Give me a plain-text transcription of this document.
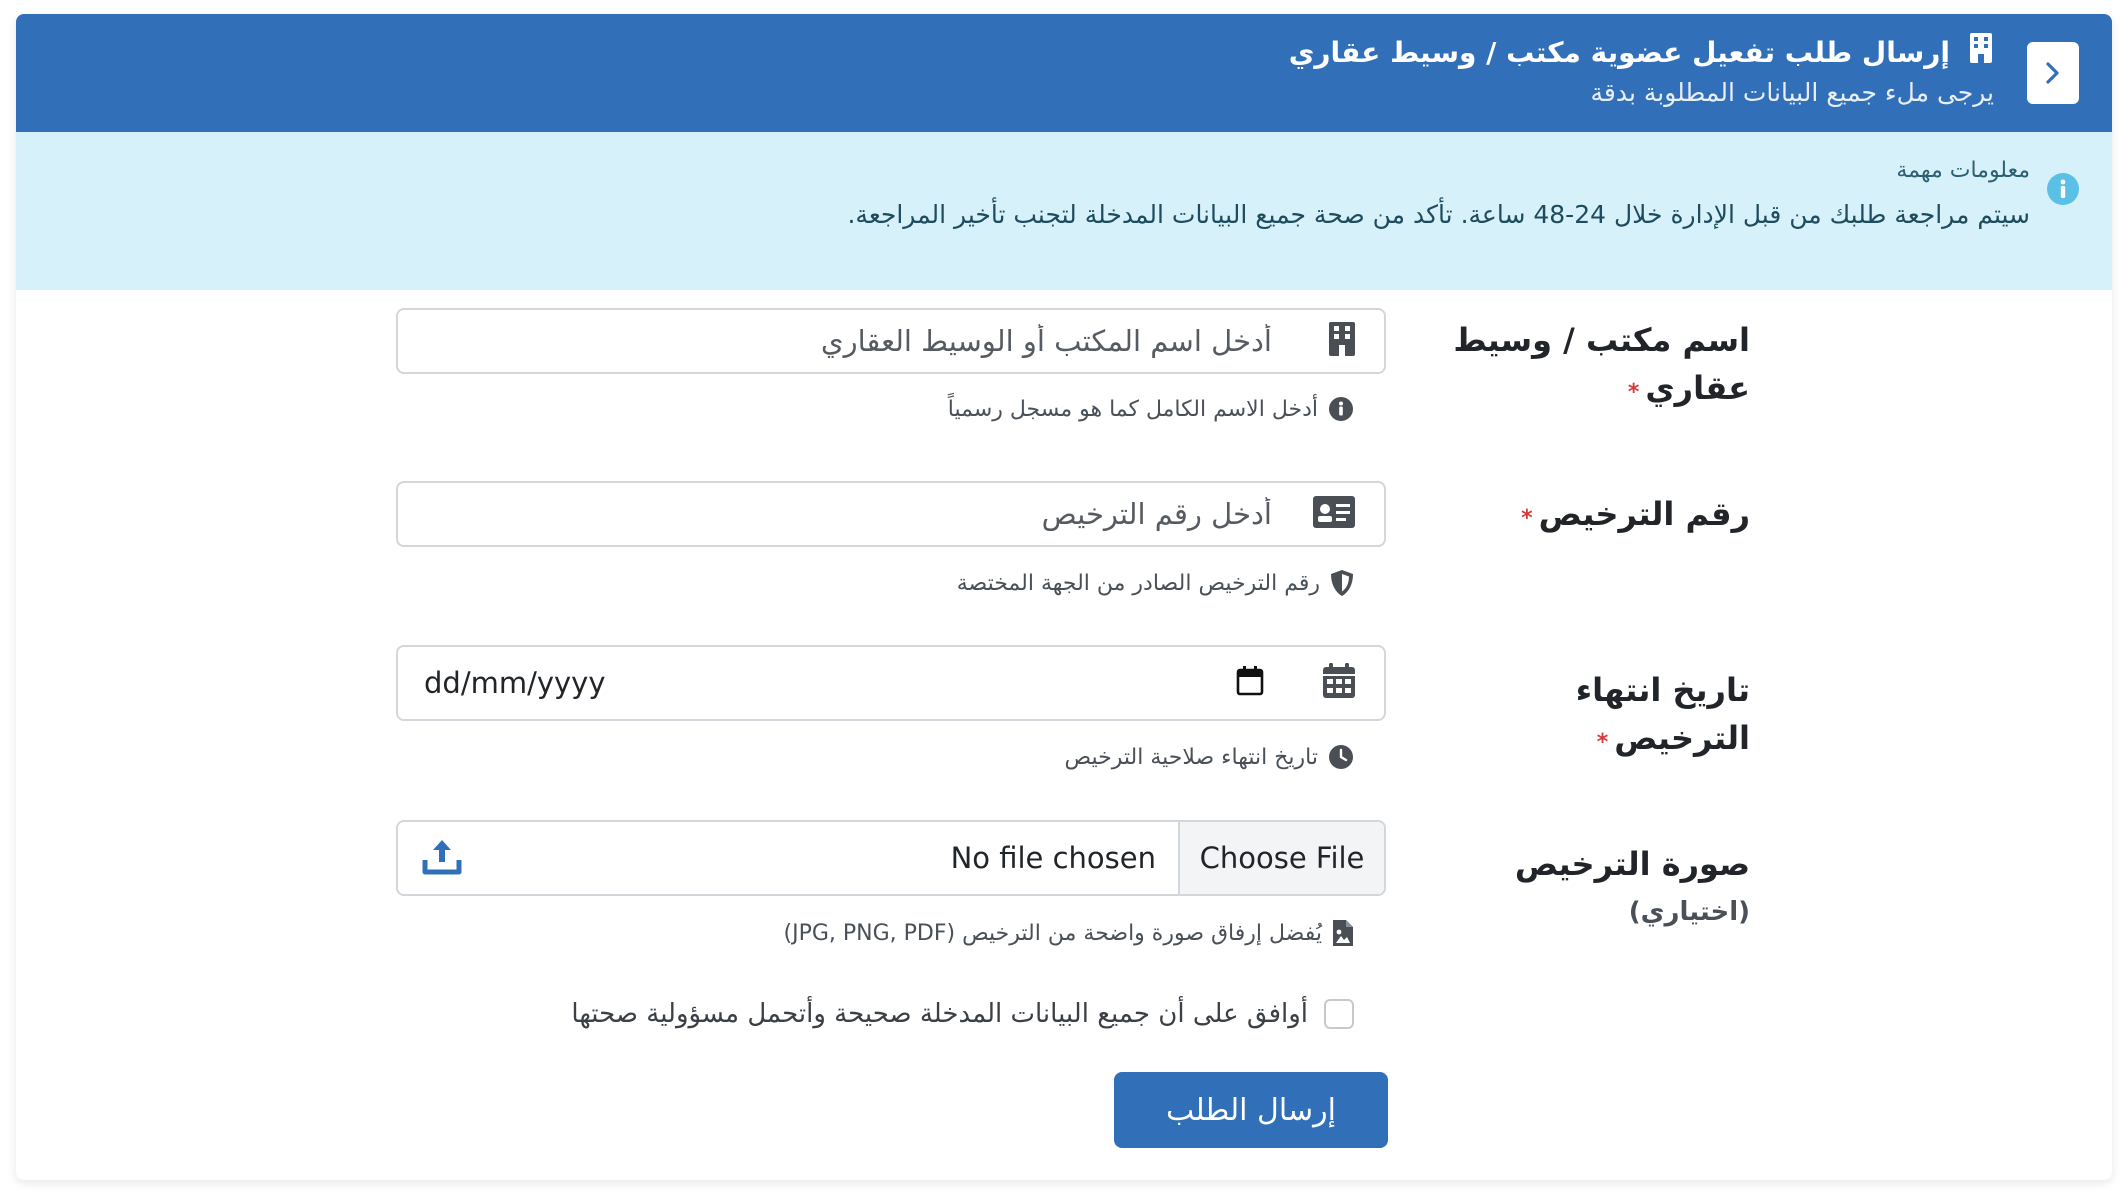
إرسال طلب تفعيل عضوية مكتب / وسيط عقاري
يرجى ملء جميع البيانات المطلوبة بدقة
معلومات مهمة
سيتم مراجعة طلبك من قبل الإدارة خلال 24-48 ساعة. تأكد من صحة جميع البيانات المدخلة لتجنب تأخير المراجعة.
اسم مكتب / وسيط عقاري*
أدخل اسم المكتب أو الوسيط العقاري
أدخل الاسم الكامل كما هو مسجل رسمياً
رقم الترخيص*
أدخل رقم الترخيص
رقم الترخيص الصادر من الجهة المختصة
تاريخ انتهاء الترخيص*
dd/mm/yyyy
تاريخ انتهاء صلاحية الترخيص
صورة الترخيص
(اختياري)
Choose File
No file chosen
يُفضل إرفاق صورة واضحة من الترخيص (JPG, PNG, PDF)
أوافق على أن جميع البيانات المدخلة صحيحة وأتحمل مسؤولية صحتها
إرسال الطلب
